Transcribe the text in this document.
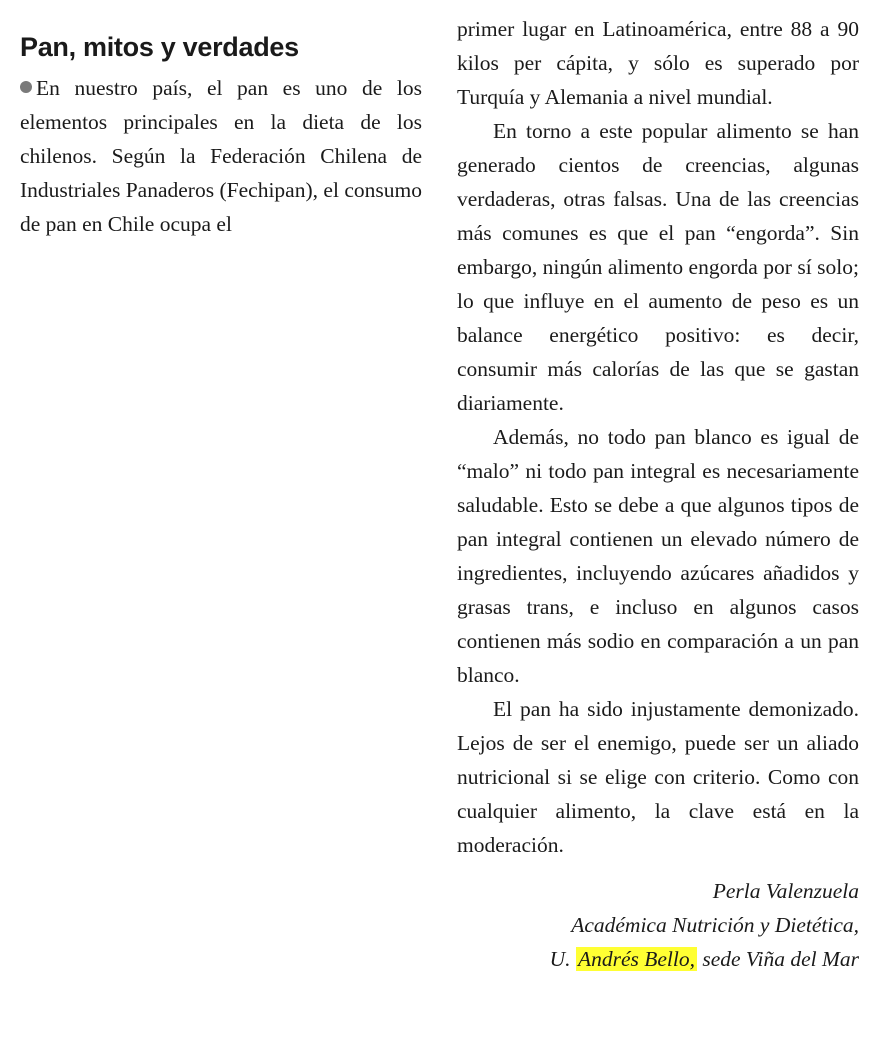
Pan, mitos y verdades

En nuestro país, el pan es uno de los elementos principales en la dieta de los chilenos. Según la Federación Chilena de Industriales Panaderos (Fechipan), el consumo de pan en Chile ocupa el

primer lugar en Latinoamérica, entre 88 a 90 kilos per cápita, y sólo es superado por Turquía y Alemania a nivel mundial.

En torno a este popular alimento se han generado cientos de creencias, algunas verdaderas, otras falsas. Una de las creencias más comunes es que el pan “engorda”. Sin embargo, ningún alimento engorda por sí solo; lo que influye en el aumento de peso es un balance energético positivo: es decir, consumir más calorías de las que se gastan diariamente.

Además, no todo pan blanco es igual de “malo” ni todo pan integral es necesariamente saludable. Esto se debe a que algunos tipos de pan integral contienen un elevado número de ingredientes, incluyendo azúcares añadidos y grasas trans, e incluso en algunos casos contienen más sodio en comparación a un pan blanco.

El pan ha sido injustamente demonizado. Lejos de ser el enemigo, puede ser un aliado nutricional si se elige con criterio. Como con cualquier alimento, la clave está en la moderación.

Perla Valenzuela
Académica Nutrición y Dietética,
U. Andrés Bello, sede Viña del Mar
